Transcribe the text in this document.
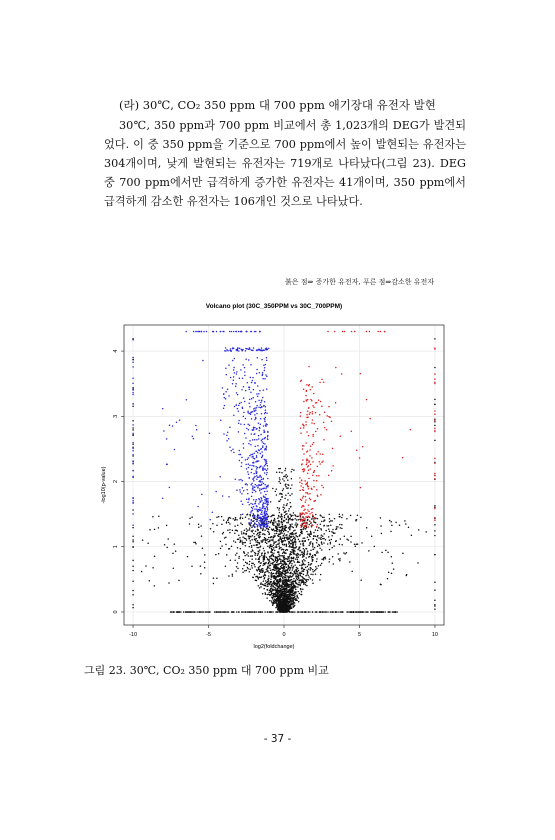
(라) 30℃, CO₂ 350 ppm 대 700 ppm 애기장대 유전자 발현
30℃, 350 ppm과 700 ppm 비교에서 총 1,023개의 DEG가 발견되었다. 이 중 350 ppm을 기준으로 700 ppm에서 높이 발현되는 유전자는 304개이며, 낮게 발현되는 유전자는 719개로 나타났다(그림 23). DEG 중 700 ppm에서만 급격하게 증가한 유전자는 41개이며, 350 ppm에서 급격하게 감소한 유전자는 106개인 것으로 나타났다.
붉은 점⇒ 증가한 유전자, 푸른 점⇒감소한 유전자
Volcano plot (30C_350PPM vs 30C_700PPM)
-10	-5	0	5	10
0
1
2
3
4
log2(foldchange)
-log10(p-value)
그림 23. 30℃, CO₂ 350 ppm 대 700 ppm 비교
- 37 -
